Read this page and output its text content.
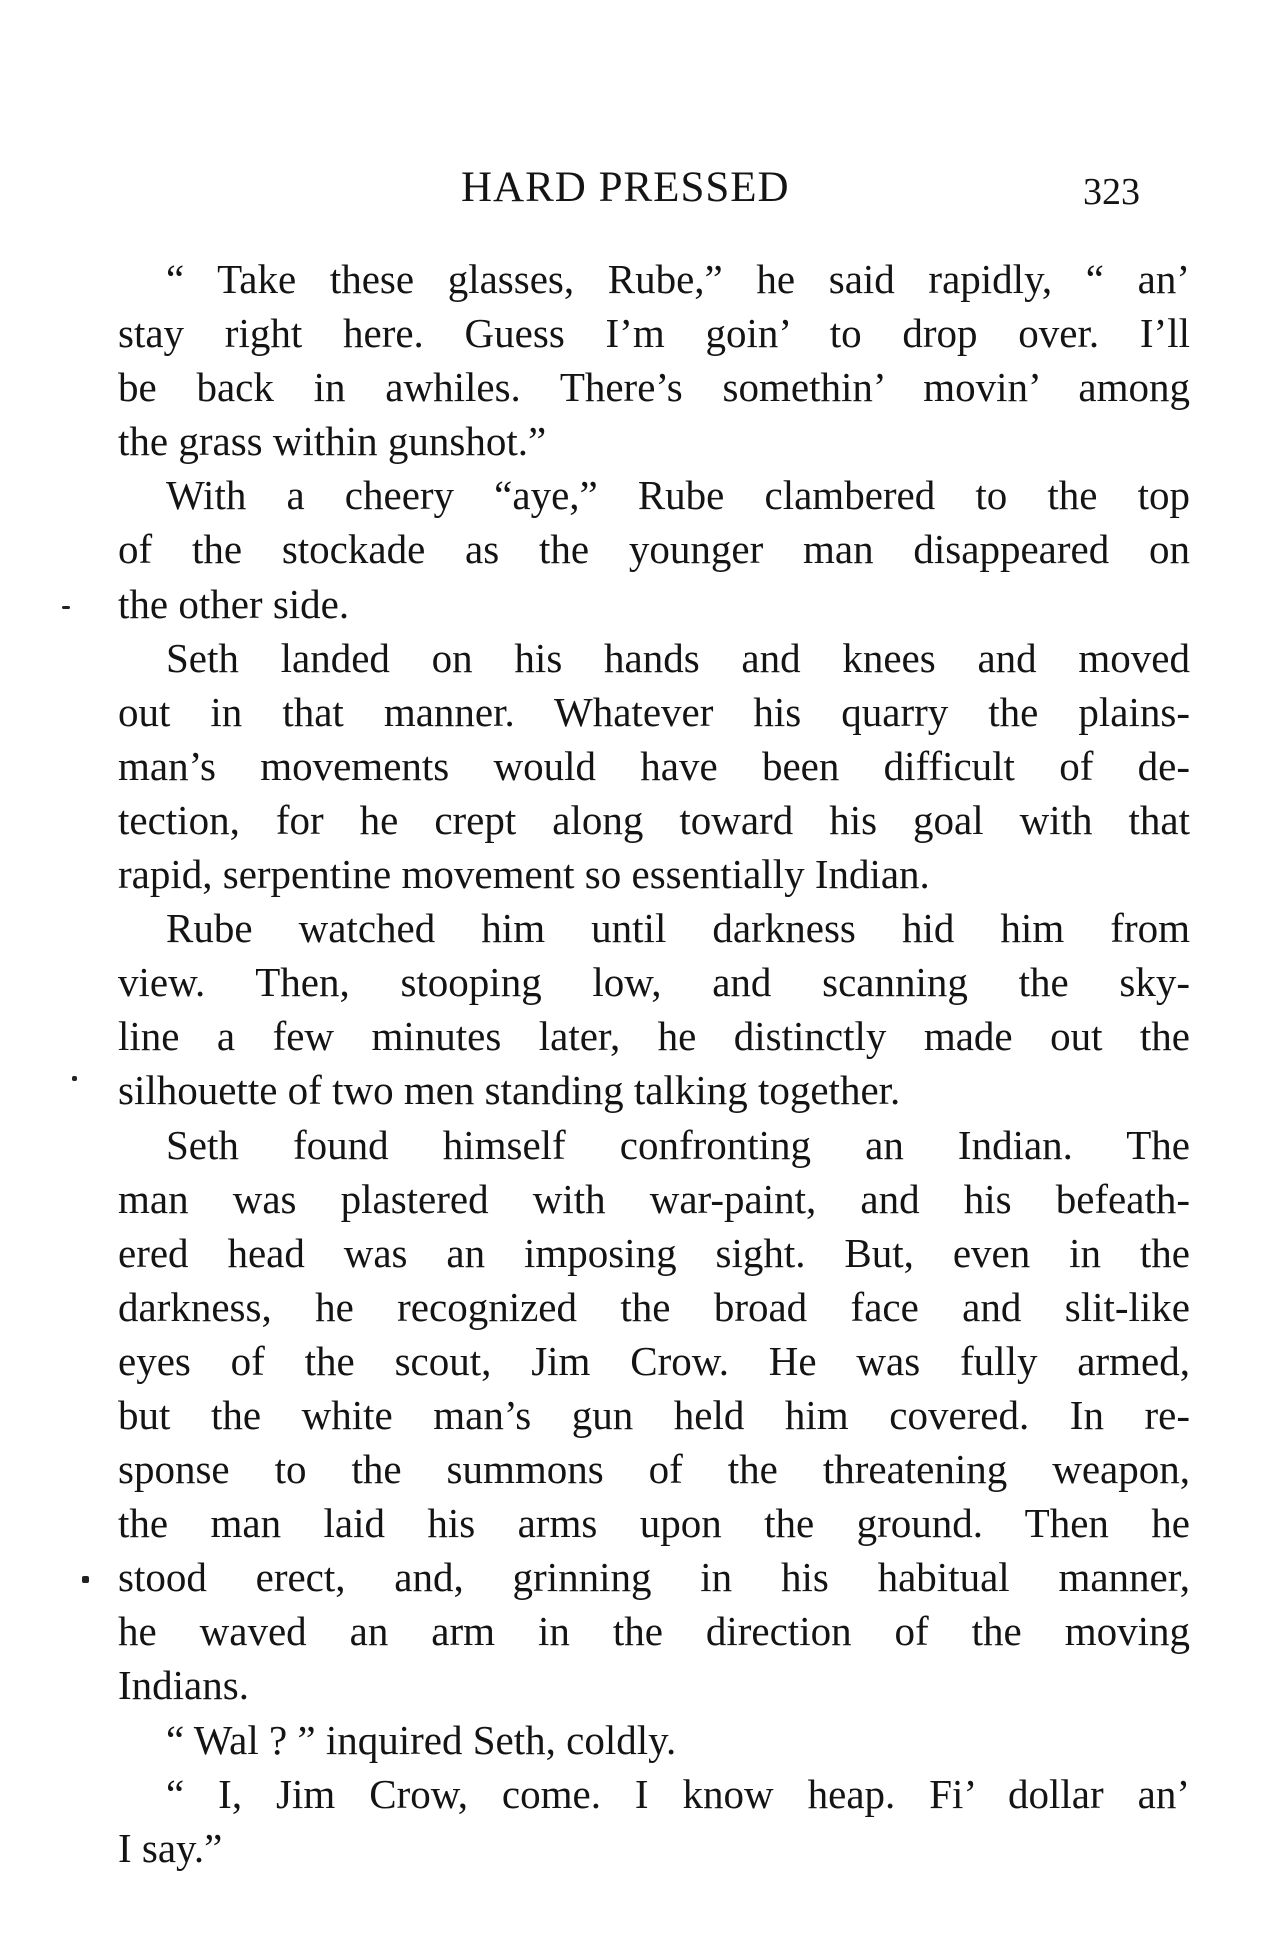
HARD PRESSED	323
“ Take these glasses, Rube,” he said rapidly, “ an’
stay right here. Guess I’m goin’ to drop over. I’ll
be back in awhiles. There’s somethin’ movin’ among
the grass within gunshot.”
With a cheery “aye,” Rube clambered to the top
of the stockade as the younger man disappeared on
the other side.
Seth landed on his hands and knees and moved
out in that manner. Whatever his quarry the plains-
man’s movements would have been difficult of de-
tection, for he crept along toward his goal with that
rapid, serpentine movement so essentially Indian.
Rube watched him until darkness hid him from
view. Then, stooping low, and scanning the sky-
line a few minutes later, he distinctly made out the
silhouette of two men standing talking together.
Seth found himself confronting an Indian. The
man was plastered with war-paint, and his befeath-
ered head was an imposing sight. But, even in the
darkness, he recognized the broad face and slit-like
eyes of the scout, Jim Crow. He was fully armed,
but the white man’s gun held him covered. In re-
sponse to the summons of the threatening weapon,
the man laid his arms upon the ground. Then he
stood erect, and, grinning in his habitual manner,
he waved an arm in the direction of the moving
Indians.
“ Wal ? ” inquired Seth, coldly.
“ I, Jim Crow, come. I know heap. Fi’ dollar an’
I say.”
